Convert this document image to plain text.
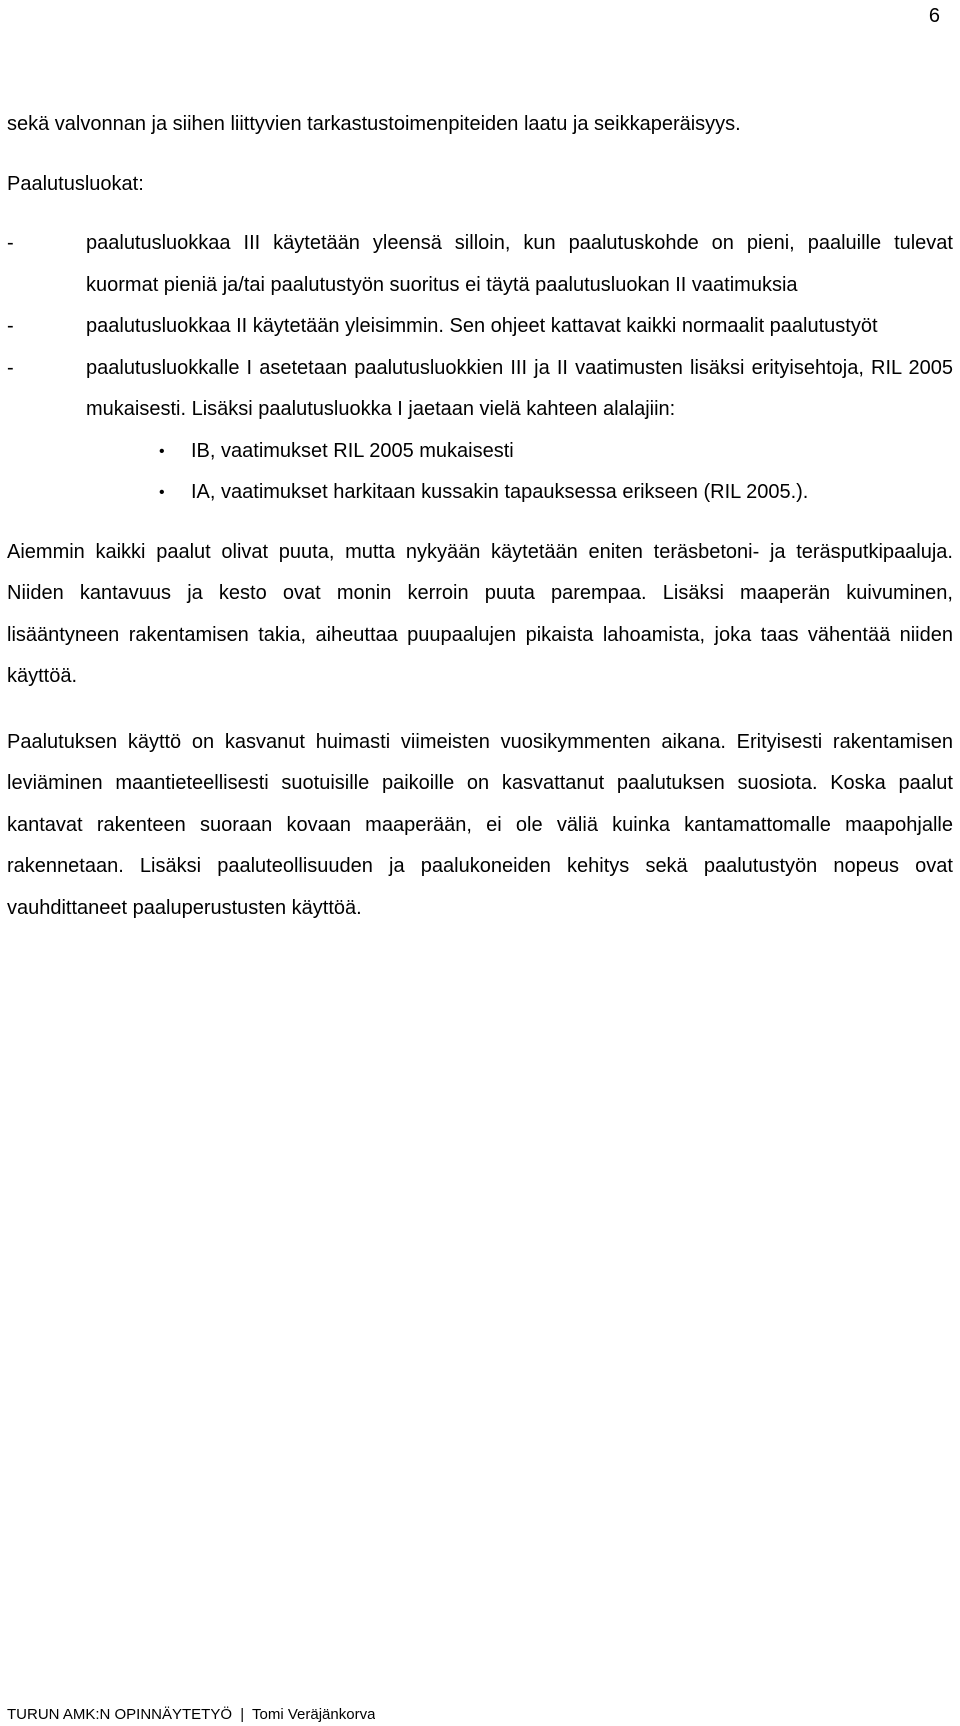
6

sekä valvonnan ja siihen liittyvien tarkastustoimenpiteiden laatu ja seikkaperäisyys.

Paalutusluokat:

-	paalutusluokkaa III käytetään yleensä silloin, kun paalutuskohde on pieni, paaluille tulevat kuormat pieniä ja/tai paalutustyön suoritus ei täytä paalutusluokan II vaatimuksia
-	paalutusluokkaa II käytetään yleisimmin. Sen ohjeet kattavat kaikki normaalit paalutustyöt
-	paalutusluokkalle I asetetaan paalutusluokkien III ja II vaatimusten lisäksi erityisehtoja, RIL 2005 mukaisesti. Lisäksi paalutusluokka I jaetaan vielä kahteen alalajiin:
• IB, vaatimukset RIL 2005 mukaisesti
• IA, vaatimukset harkitaan kussakin tapauksessa erikseen (RIL 2005.).

Aiemmin kaikki paalut olivat puuta, mutta nykyään käytetään eniten teräsbetoni- ja teräsputkipaaluja. Niiden kantavuus ja kesto ovat monin kerroin puuta parempaa. Lisäksi maaperän kuivuminen, lisääntyneen rakentamisen takia, aiheuttaa puupaalujen pikaista lahoamista, joka taas vähentää niiden käyttöä.

Paalutuksen käyttö on kasvanut huimasti viimeisten vuosikymmenten aikana. Erityisesti rakentamisen leviäminen maantieteellisesti suotuisille paikoille on kasvattanut paalutuksen suosiota. Koska paalut kantavat rakenteen suoraan kovaan maaperään, ei ole väliä kuinka kantamattomalle maapohjalle rakennetaan. Lisäksi paaluteollisuuden ja paalukoneiden kehitys sekä paalutustyön nopeus ovat vauhdittaneet paaluperustusten käyttöä.

TURUN AMK:N OPINNÄYTETYÖ | Tomi Veräjänkorva
